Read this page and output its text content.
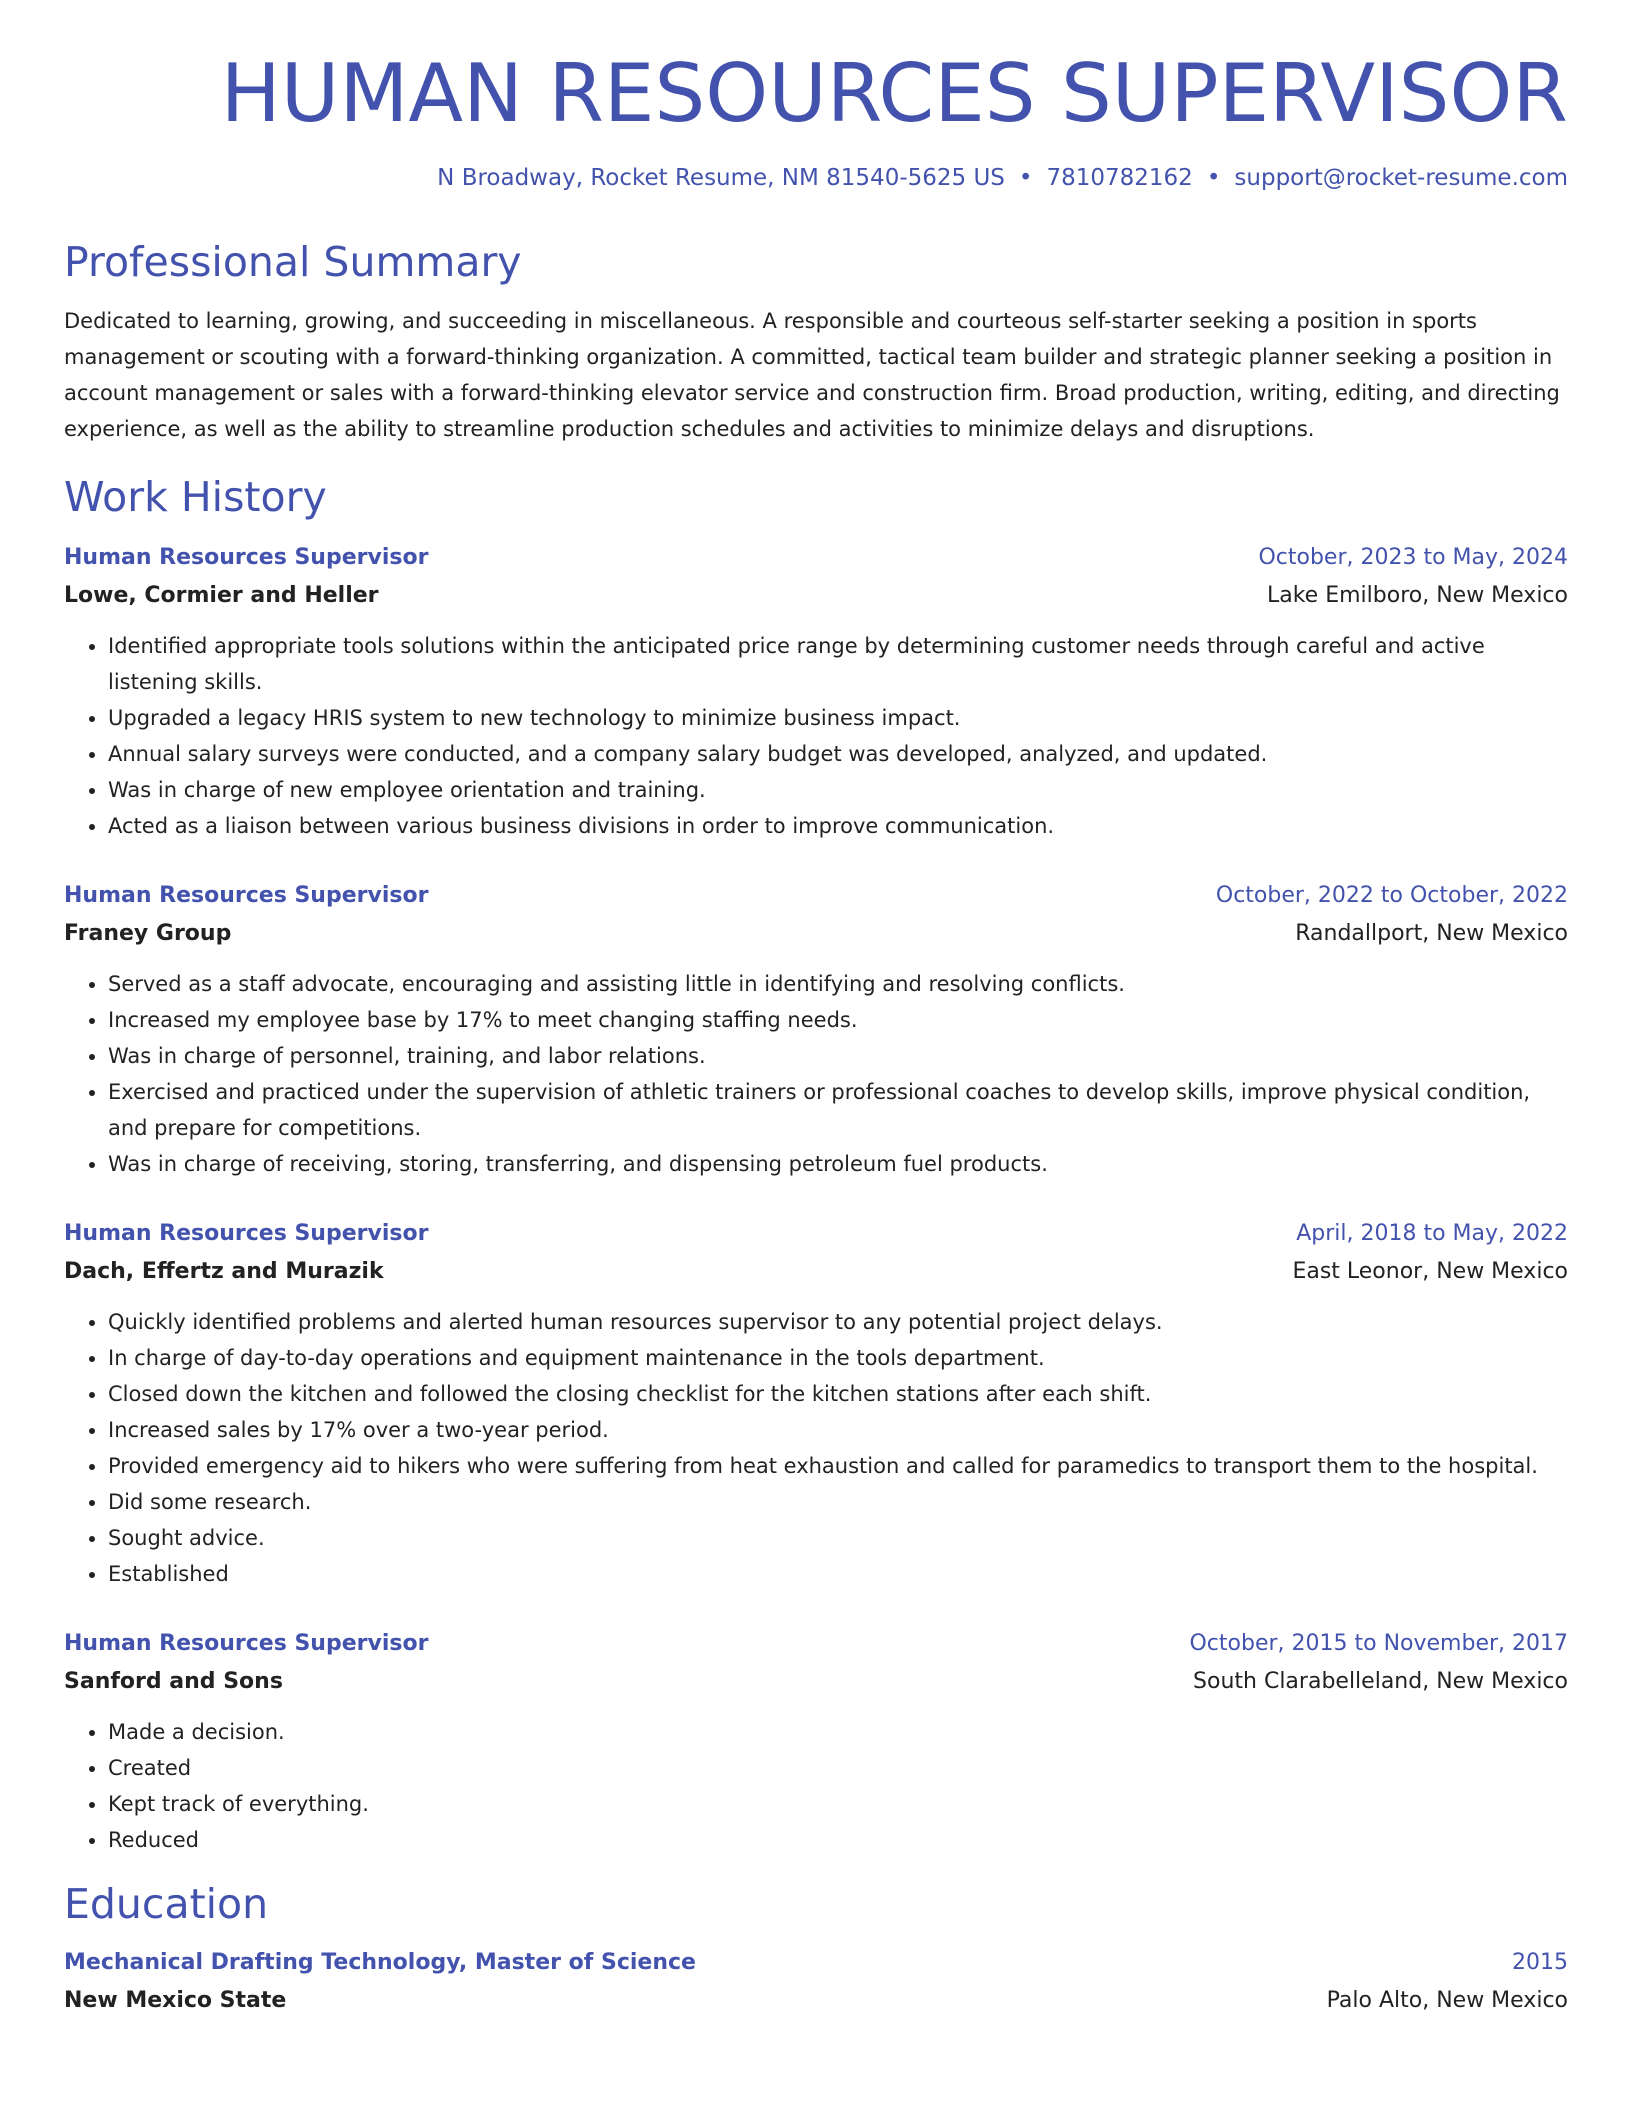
HUMAN RESOURCES SUPERVISOR
N Broadway, Rocket Resume, NM 81540-5625 US • 7810782162 • support@rocket-resume.com
Professional Summary

Dedicated to learning, growing, and succeeding in miscellaneous. A responsible and courteous self-starter seeking a position in sports management or scouting with a forward-thinking organization. A committed, tactical team builder and strategic planner seeking a position in account management or sales with a forward-thinking elevator service and construction firm. Broad production, writing, editing, and directing experience, as well as the ability to streamline production schedules and activities to minimize delays and disruptions.

Work History
Human Resources Supervisor	October, 2023 to May, 2024
Lowe, Cormier and Heller	Lake Emilboro, New Mexico
• Identified appropriate tools solutions within the anticipated price range by determining customer needs through careful and active listening skills.
• Upgraded a legacy HRIS system to new technology to minimize business impact.
• Annual salary surveys were conducted, and a company salary budget was developed, analyzed, and updated.
• Was in charge of new employee orientation and training.
• Acted as a liaison between various business divisions in order to improve communication.
Human Resources Supervisor	October, 2022 to October, 2022
Franey Group	Randallport, New Mexico
• Served as a staff advocate, encouraging and assisting little in identifying and resolving conflicts.
• Increased my employee base by 17% to meet changing staffing needs.
• Was in charge of personnel, training, and labor relations.
• Exercised and practiced under the supervision of athletic trainers or professional coaches to develop skills, improve physical condition, and prepare for competitions.
• Was in charge of receiving, storing, transferring, and dispensing petroleum fuel products.
Human Resources Supervisor	April, 2018 to May, 2022
Dach, Effertz and Murazik	East Leonor, New Mexico
• Quickly identified problems and alerted human resources supervisor to any potential project delays.
• In charge of day-to-day operations and equipment maintenance in the tools department.
• Closed down the kitchen and followed the closing checklist for the kitchen stations after each shift.
• Increased sales by 17% over a two-year period.
• Provided emergency aid to hikers who were suffering from heat exhaustion and called for paramedics to transport them to the hospital.
• Did some research.
• Sought advice.
• Established
Human Resources Supervisor	October, 2015 to November, 2017
Sanford and Sons	South Clarabelleland, New Mexico
• Made a decision.
• Created
• Kept track of everything.
• Reduced
Education
Mechanical Drafting Technology, Master of Science	2015
New Mexico State	Palo Alto, New Mexico
